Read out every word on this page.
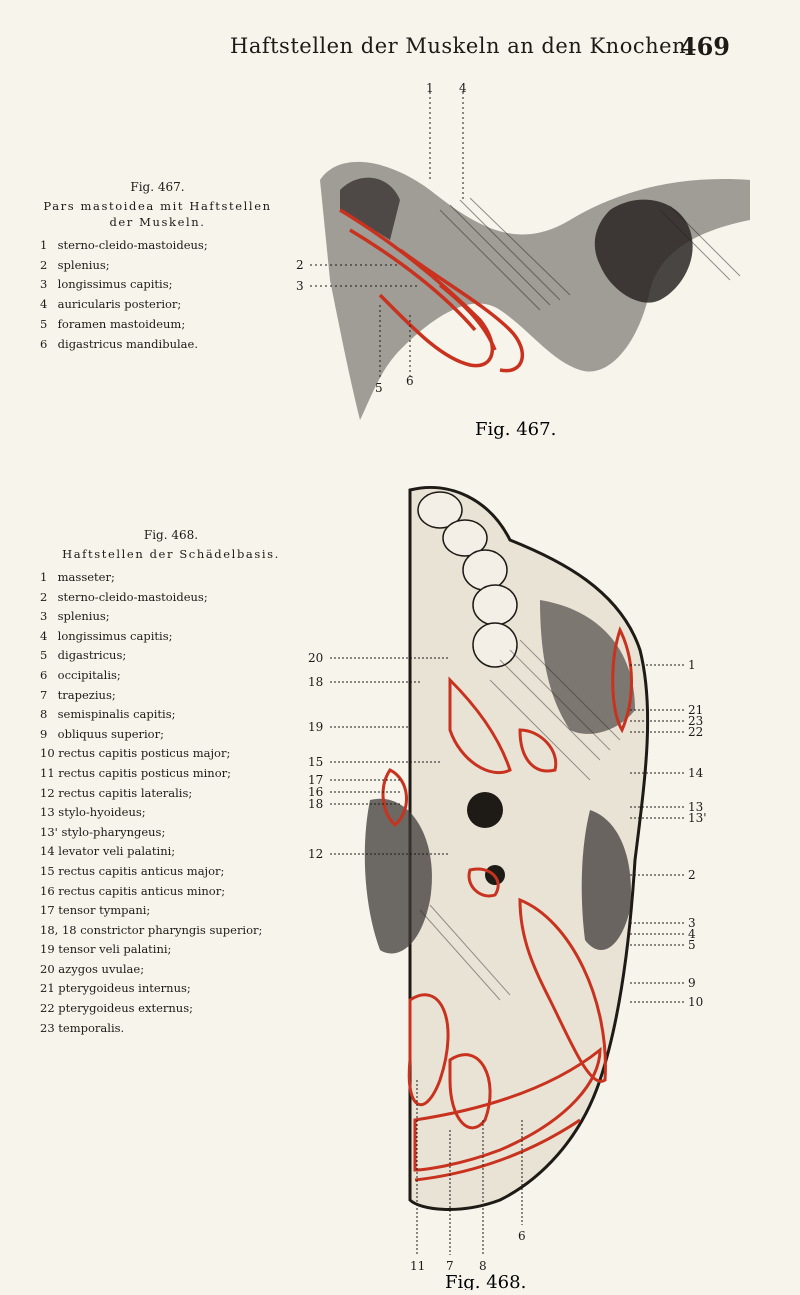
Haftstellen der Muskeln an den Knochen.
469
Fig. 467.
Pars mastoidea mit Haftstellen
der Muskeln.
1 sterno-cleido-mastoideus;
2 splenius;
3 longissimus capitis;
4 auricularis posterior;
5 foramen mastoideum;
6 digastricus mandibulae.
1 4
2
3
5 6
Fig. 467.
Fig. 468.
Haftstellen der Schädelbasis.
1 masseter;
2 sterno-cleido-mastoideus;
3 splenius;
4 longissimus capitis;
5 digastricus;
6 occipitalis;
7 trapezius;
8 semispinalis capitis;
9 obliquus superior;
10 rectus capitis posticus major;
11 rectus capitis posticus minor;
12 rectus capitis lateralis;
13 stylo-hyoideus;
13' stylo-pharyngeus;
14 levator veli palatini;
15 rectus capitis anticus major;
16 rectus capitis anticus minor;
17 tensor tympani;
18, 18 constrictor pharyngis superior;
19 tensor veli palatini;
20 azygos uvulae;
21 pterygoideus internus;
22 pterygoideus externus;
23 temporalis.
20
18
19
15
17
16
18
12
1
21
23
22
14
13
13'
2
3
4
5
9
10
11 7 8
6
Fig. 468.
